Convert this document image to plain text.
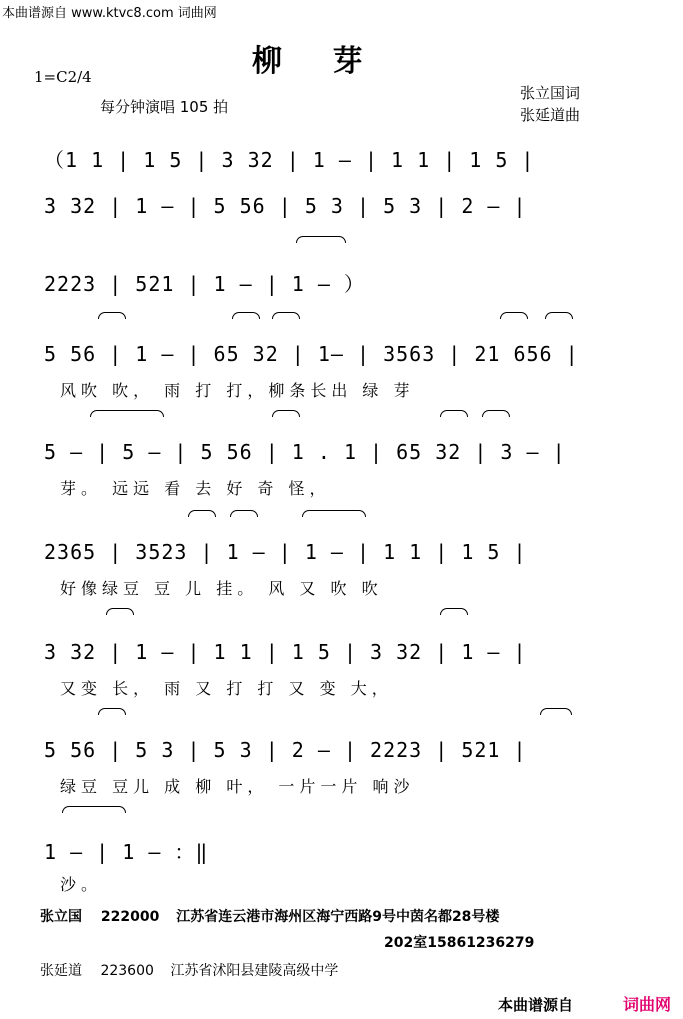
本曲谱源自 www.ktvc8.com 词曲网
柳 芽
1=C2/4
每分钟演唱 105 拍
张立国词
张延道曲
（1 1 | 1 5 | 3 32 | 1 — | 1 1 | 1 5 |
3 32 | 1 — | 5 56 | 5 3 | 5 3 | 2 — |
2223 | 521 | 1 — | 1 — ）
5 56 | 1 — | 65 32 | 1— | 3563 | 21 656 |
风吹 吹， 雨 打 打，柳条长出 绿 芽
5 — | 5 — | 5 56 | 1 . 1 | 65 32 | 3 — |
芽。 远远 看 去 好 奇 怪，
2365 | 3523 | 1 — | 1 — | 1 1 | 1 5 |
好像绿豆 豆 儿 挂。 风 又 吹 吹
3 32 | 1 — | 1 1 | 1 5 | 3 32 | 1 — |
又变 长， 雨 又 打 打 又 变 大，
5 56 | 5 3 | 5 3 | 2 — | 2223 | 521 |
绿豆 豆儿 成 柳 叶， 一片一片 响沙
1 — | 1 — ：‖
沙。
张立国 222000 江苏省连云港市海州区海宁西路9号中茵名都28号楼
202室15861236279
张延道 223600 江苏省沭阳县建陵高级中学
本曲谱源自	词曲网
